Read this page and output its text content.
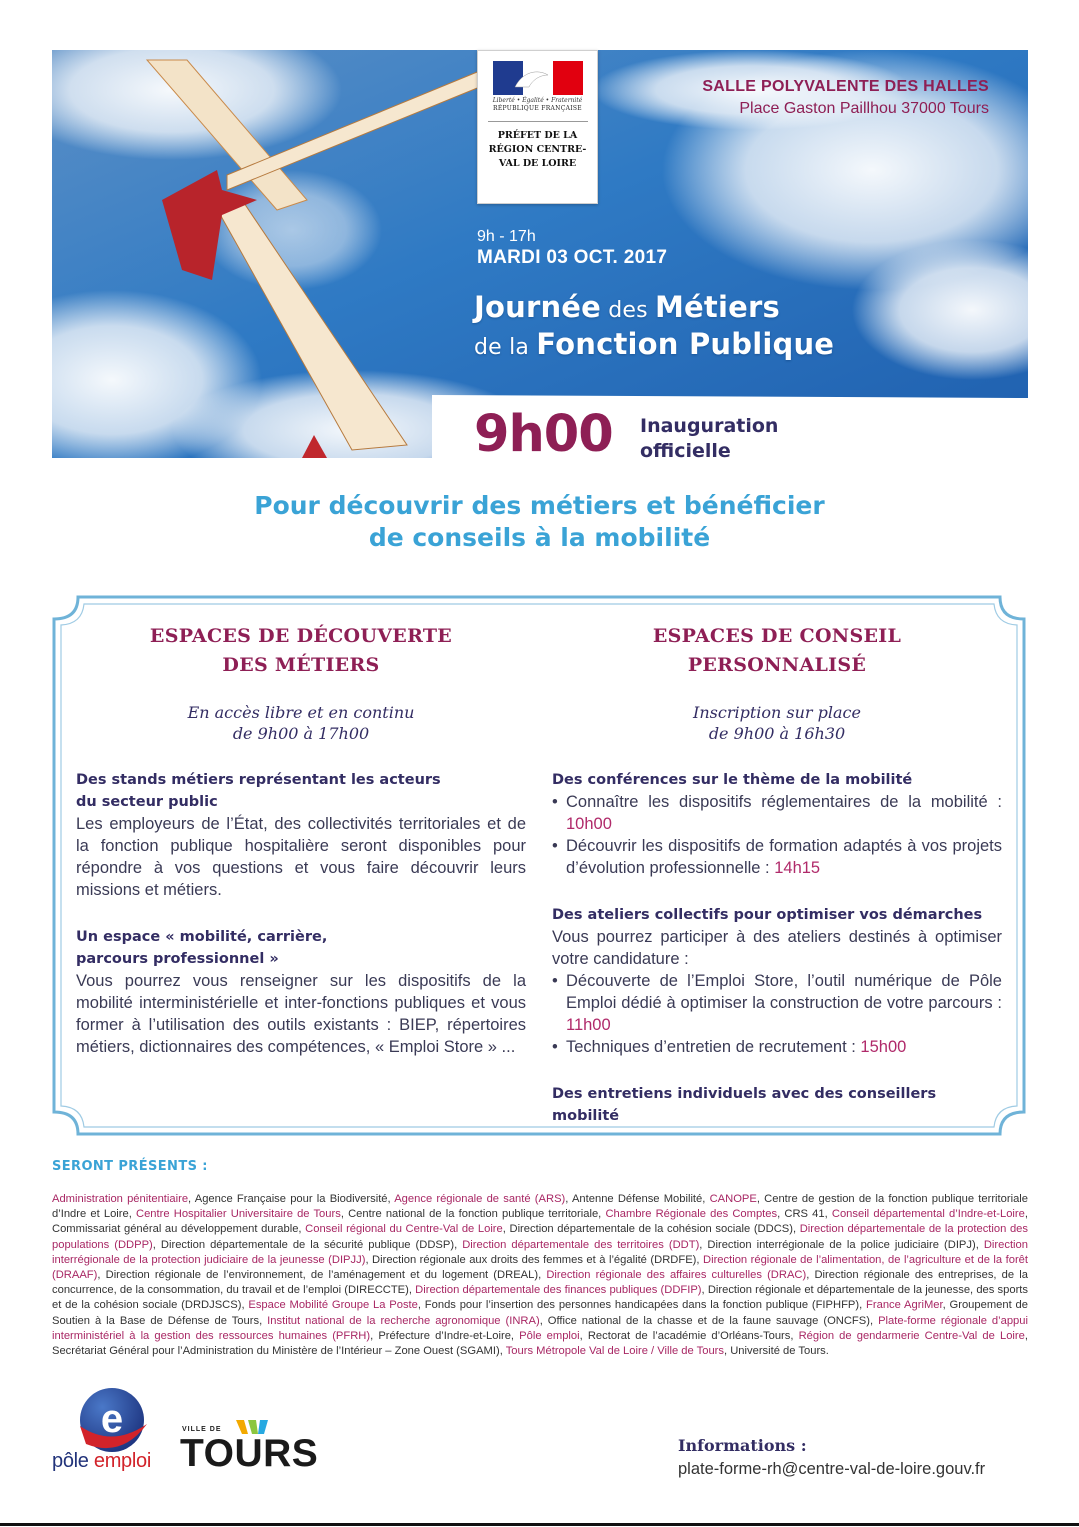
Liberté • Égalité • Fraternité
RÉPUBLIQUE FRANÇAISE
PRÉFET DE LA RÉGION CENTRE-VAL DE LOIRE
SALLE POLYVALENTE DES HALLES
Place Gaston Paillhou 37000 Tours
9h - 17h
MARDI 03 OCT. 2017
Journée des Métiers
de la Fonction Publique
9h00 Inauguration
officielle
Pour découvrir des métiers et bénéficier
de conseils à la mobilité
ESPACES DE DÉCOUVERTE
DES MÉTIERS
En accès libre et en continu
de 9h00 à 17h00
Des stands métiers représentant les acteurs
du secteur public
Les employeurs de l’État, des collectivités territoriales et de la fonction publique hospitalière seront disponibles pour répondre à vos questions et vous faire découvrir leurs missions et métiers.
Un espace « mobilité, carrière,
parcours professionnel »
Vous pourrez vous renseigner sur les dispositifs de la mobilité interministérielle et inter-fonctions publiques et vous former à l’utilisation des outils existants : BIEP, répertoires métiers, dictionnaires des compétences, « Emploi Store » ...
ESPACES DE CONSEIL
PERSONNALISÉ
Inscription sur place
de 9h00 à 16h30
Des conférences sur le thème de la mobilité
• Connaître les dispositifs réglementaires de la mobilité : 10h00
• Découvrir les dispositifs de formation adaptés à vos projets d’évolution professionnelle : 14h15
Des ateliers collectifs pour optimiser vos démarches
Vous pourrez participer à des ateliers destinés à optimiser votre candidature :
• Découverte de l’Emploi Store, l’outil numérique de Pôle Emploi dédié à optimiser la construction de votre parcours : 11h00
• Techniques d’entretien de recrutement : 15h00
Des entretiens individuels avec des conseillers mobilité
SERONT PRÉSENTS :
Administration pénitentiaire, Agence Française pour la Biodiversité, Agence régionale de santé (ARS), Antenne Défense Mobilité, CANOPE, Centre de gestion de la fonction publique territoriale d’Indre et Loire, Centre Hospitalier Universitaire de Tours, Centre national de la fonction publique territoriale, Chambre Régionale des Comptes, CRS 41, Conseil départemental d’Indre-et-Loire, Commissariat général au développement durable, Conseil régional du Centre-Val de Loire, Direction départementale de la cohésion sociale (DDCS), Direction départementale de la protection des populations (DDPP), Direction départementale de la sécurité publique (DDSP), Direction départementale des territoires (DDT), Direction interrégionale de la police judiciaire (DIPJ), Direction interrégionale de la protection judiciaire de la jeunesse (DIPJJ), Direction régionale aux droits des femmes et à l’égalité (DRDFE), Direction régionale de l’alimentation, de l’agriculture et de la forêt (DRAAF), Direction régionale de l’environnement, de l’aménagement et du logement (DREAL), Direction régionale des affaires culturelles (DRAC), Direction régionale des entreprises, de la concurrence, de la consommation, du travail et de l’emploi (DIRECCTE), Direction départementale des finances publiques (DDFIP), Direction régionale et départementale de la jeunesse, des sports et de la cohésion sociale (DRDJSCS), Espace Mobilité Groupe La Poste, Fonds pour l’insertion des personnes handicapées dans la fonction publique (FIPHFP), France AgriMer, Groupement de Soutien à la Base de Défense de Tours, Institut national de la recherche agronomique (INRA), Office national de la chasse et de la faune sauvage (ONCFS), Plate-forme régionale d’appui interministériel à la gestion des ressources humaines (PFRH), Préfecture d’Indre-et-Loire, Pôle emploi, Rectorat de l’académie d’Orléans-Tours, Région de gendarmerie Centre-Val de Loire, Secrétariat Général pour l’Administration du Ministère de l’Intérieur – Zone Ouest (SGAMI), Tours Métropole Val de Loire / Ville de Tours, Université de Tours.
e
pôle emploi
VILLE DE
TOURS	Informations :
plate-forme-rh@centre-val-de-loire.gouv.fr
